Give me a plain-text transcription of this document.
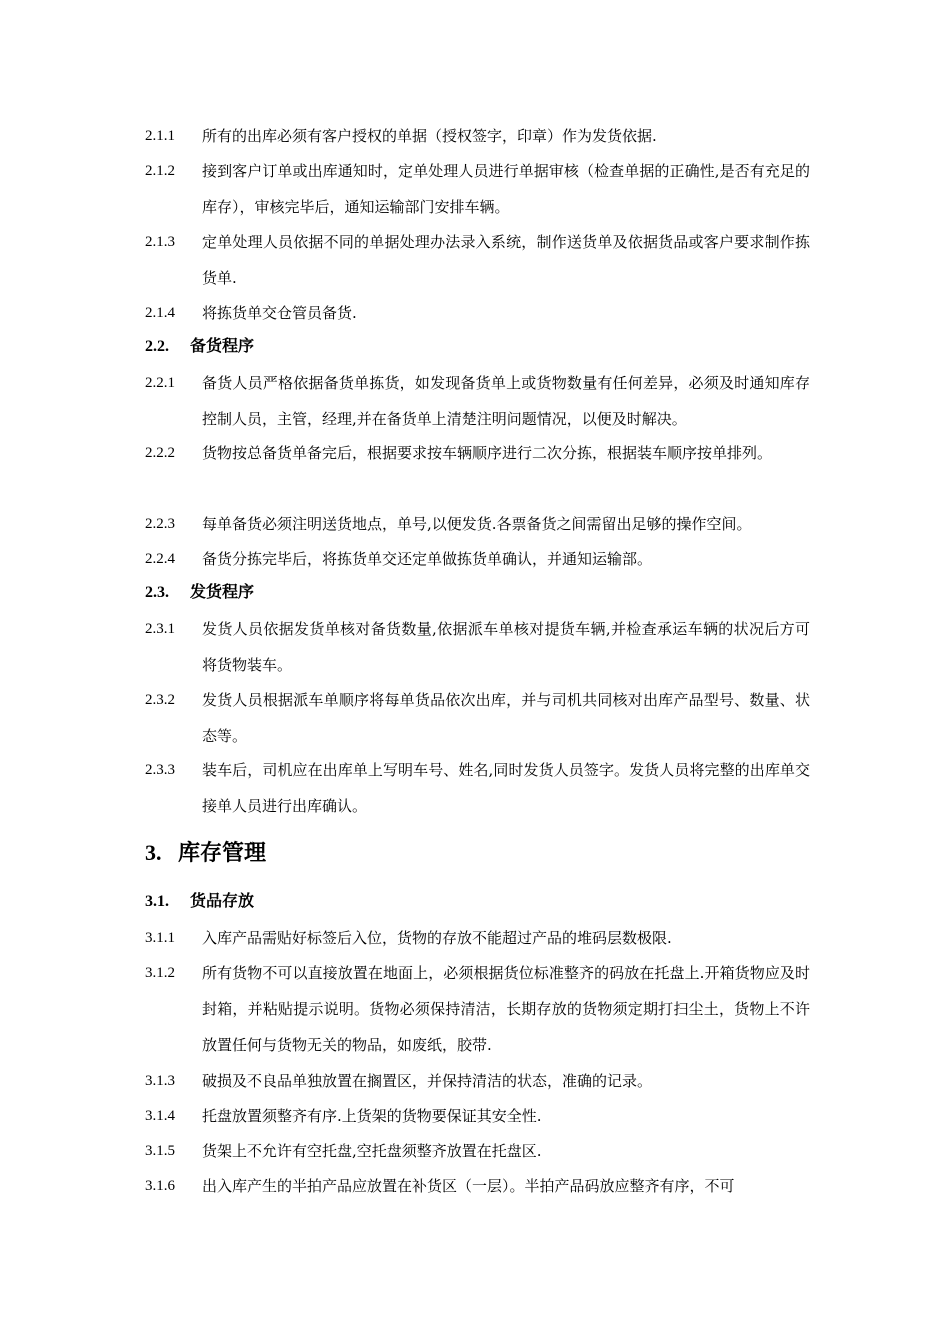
2.1.1	所有的出库必须有客户授权的单据（授权签字，印章）作为发货依据.

2.1.2	接到客户订单或出库通知时，定单处理人员进行单据审核（检查单据的正确性,是否有充足的库存），审核完毕后，通知运输部门安排车辆。

2.1.3	定单处理人员依据不同的单据处理办法录入系统，制作送货单及依据货品或客户要求制作拣货单.

2.1.4	将拣货单交仓管员备货.

2.2. 备货程序

2.2.1	备货人员严格依据备货单拣货，如发现备货单上或货物数量有任何差异，必须及时通知库存控制人员，主管，经理,并在备货单上清楚注明问题情况，以便及时解决。

2.2.2	货物按总备货单备完后，根据要求按车辆顺序进行二次分拣，根据装车顺序按单排列。

2.2.3	每单备货必须注明送货地点，单号,以便发货.各票备货之间需留出足够的操作空间。

2.2.4	备货分拣完毕后，将拣货单交还定单做拣货单确认，并通知运输部。

2.3. 发货程序

2.3.1	发货人员依据发货单核对备货数量,依据派车单核对提货车辆,并检查承运车辆的状况后方可将货物装车。

2.3.2	发货人员根据派车单顺序将每单货品依次出库，并与司机共同核对出库产品型号、数量、状态等。

2.3.3	装车后，司机应在出库单上写明车号、姓名,同时发货人员签字。发货人员将完整的出库单交接单人员进行出库确认。

3. 库存管理
3.1. 货品存放

3.1.1	入库产品需贴好标签后入位，货物的存放不能超过产品的堆码层数极限.

3.1.2	所有货物不可以直接放置在地面上，必须根据货位标准整齐的码放在托盘上.开箱货物应及时封箱，并粘贴提示说明。货物必须保持清洁，长期存放的货物须定期打扫尘土，货物上不许放置任何与货物无关的物品，如废纸，胶带.

3.1.3	破损及不良品单独放置在搁置区，并保持清洁的状态，准确的记录。

3.1.4	托盘放置须整齐有序.上货架的货物要保证其安全性.

3.1.5	货架上不允许有空托盘,空托盘须整齐放置在托盘区.

3.1.6	出入库产生的半拍产品应放置在补货区（一层）。半拍产品码放应整齐有序，不可
